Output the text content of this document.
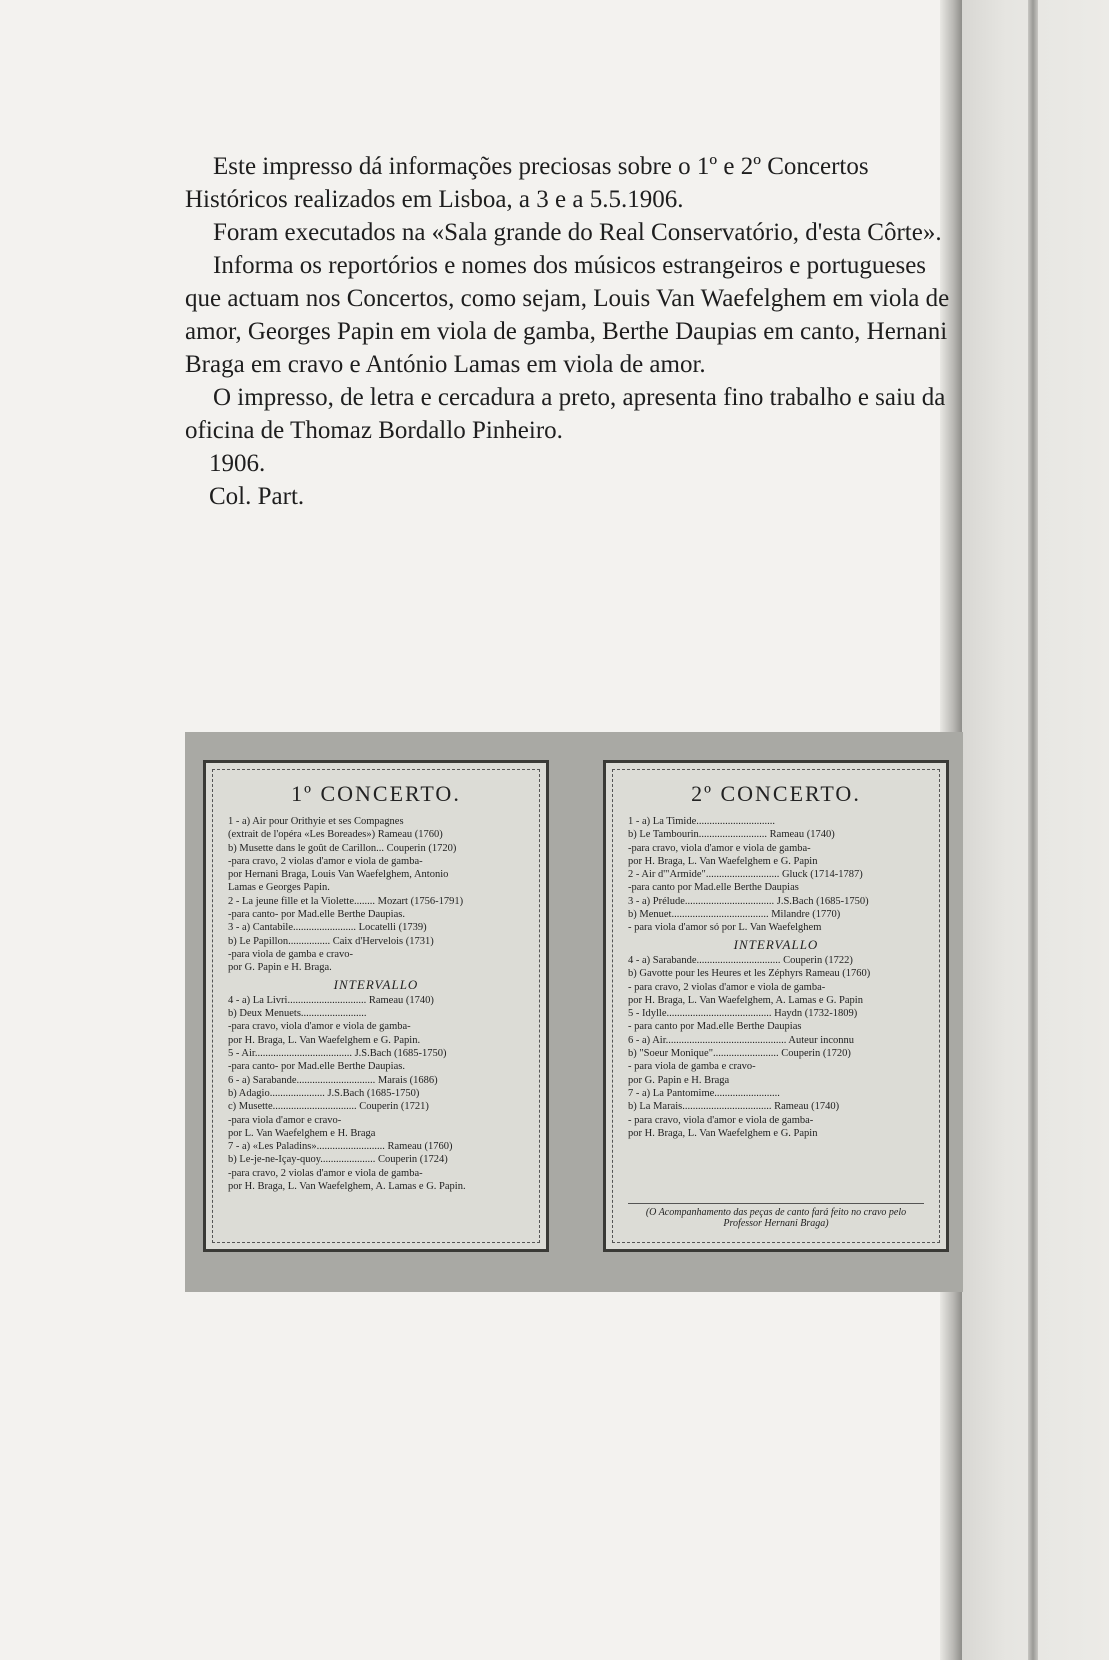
Este impresso dá informações preciosas sobre o 1º e 2º Concertos Históricos realizados em Lisboa, a 3 e a 5.5.1906.

Foram executados na «Sala grande do Real Conservatório, d'esta Côrte».

Informa os reportórios e nomes dos músicos estrangeiros e portugueses que actuam nos Concertos, como sejam, Louis Van Waefelghem em viola de amor, Georges Papin em viola de gamba, Berthe Daupias em canto, Hernani Braga em cravo e António Lamas em viola de amor.

O impresso, de letra e cercadura a preto, apresenta fino trabalho e saiu da oficina de Thomaz Bordallo Pinheiro.

1906.

Col. Part.

1º CONCERTO.
1 - a) Air pour Orithyie et ses Compagnes
(extrait de l'opéra «Les Boreades») Rameau (1760)
b) Musette dans le goût de Carillon... Couperin (1720)
-para cravo, 2 violas d'amor e viola de gamba-
por Hernani Braga, Louis Van Waefelghem, Antonio
Lamas e Georges Papin.
2 - La jeune fille et la Violette........ Mozart (1756-1791)
-para canto- por Mad.elle Berthe Daupias.
3 - a) Cantabile........................ Locatelli (1739)
b) Le Papillon................ Caix d'Hervelois (1731)
-para viola de gamba e cravo-
por G. Papin e H. Braga.
INTERVALLO
4 - a) La Livri.............................. Rameau (1740)
b) Deux Menuets.........................
-para cravo, viola d'amor e viola de gamba-
por H. Braga, L. Van Waefelghem e G. Papin.
5 - Air..................................... J.S.Bach (1685-1750)
-para canto- por Mad.elle Berthe Daupias.
6 - a) Sarabande.............................. Marais (1686)
b) Adagio..................... J.S.Bach (1685-1750)
c) Musette................................ Couperin (1721)
-para viola d'amor e cravo-
por L. Van Waefelghem e H. Braga
7 - a) «Les Paladins».......................... Rameau (1760)
b) Le-je-ne-Içay-quoy..................... Couperin (1724)
-para cravo, 2 violas d'amor e viola de gamba-
por H. Braga, L. Van Waefelghem, A. Lamas e G. Papin.
2º CONCERTO.
1 - a) La Timide..............................
b) Le Tambourin.......................... Rameau (1740)
-para cravo, viola d'amor e viola de gamba-
por H. Braga, L. Van Waefelghem e G. Papin
2 - Air d'"Armide"............................ Gluck (1714-1787)
-para canto por Mad.elle Berthe Daupias
3 - a) Prélude.................................. J.S.Bach (1685-1750)
b) Menuet..................................... Milandre (1770)
- para viola d'amor só por L. Van Waefelghem
INTERVALLO
4 - a) Sarabande................................ Couperin (1722)
b) Gavotte pour les Heures et les Zéphyrs Rameau (1760)
- para cravo, 2 violas d'amor e viola de gamba-
por H. Braga, L. Van Waefelghem, A. Lamas e G. Papin
5 - Idylle........................................ Haydn (1732-1809)
- para canto por Mad.elle Berthe Daupias
6 - a) Air.............................................. Auteur inconnu
b) "Soeur Monique"......................... Couperin (1720)
- para viola de gamba e cravo-
por G. Papin e H. Braga
7 - a) La Pantomime.........................
b) La Marais.................................. Rameau (1740)
- para cravo, viola d'amor e viola de gamba-
por H. Braga, L. Van Waefelghem e G. Papin
(O Acompanhamento das peças de canto fará feito no cravo pelo Professor Hernani Braga)
